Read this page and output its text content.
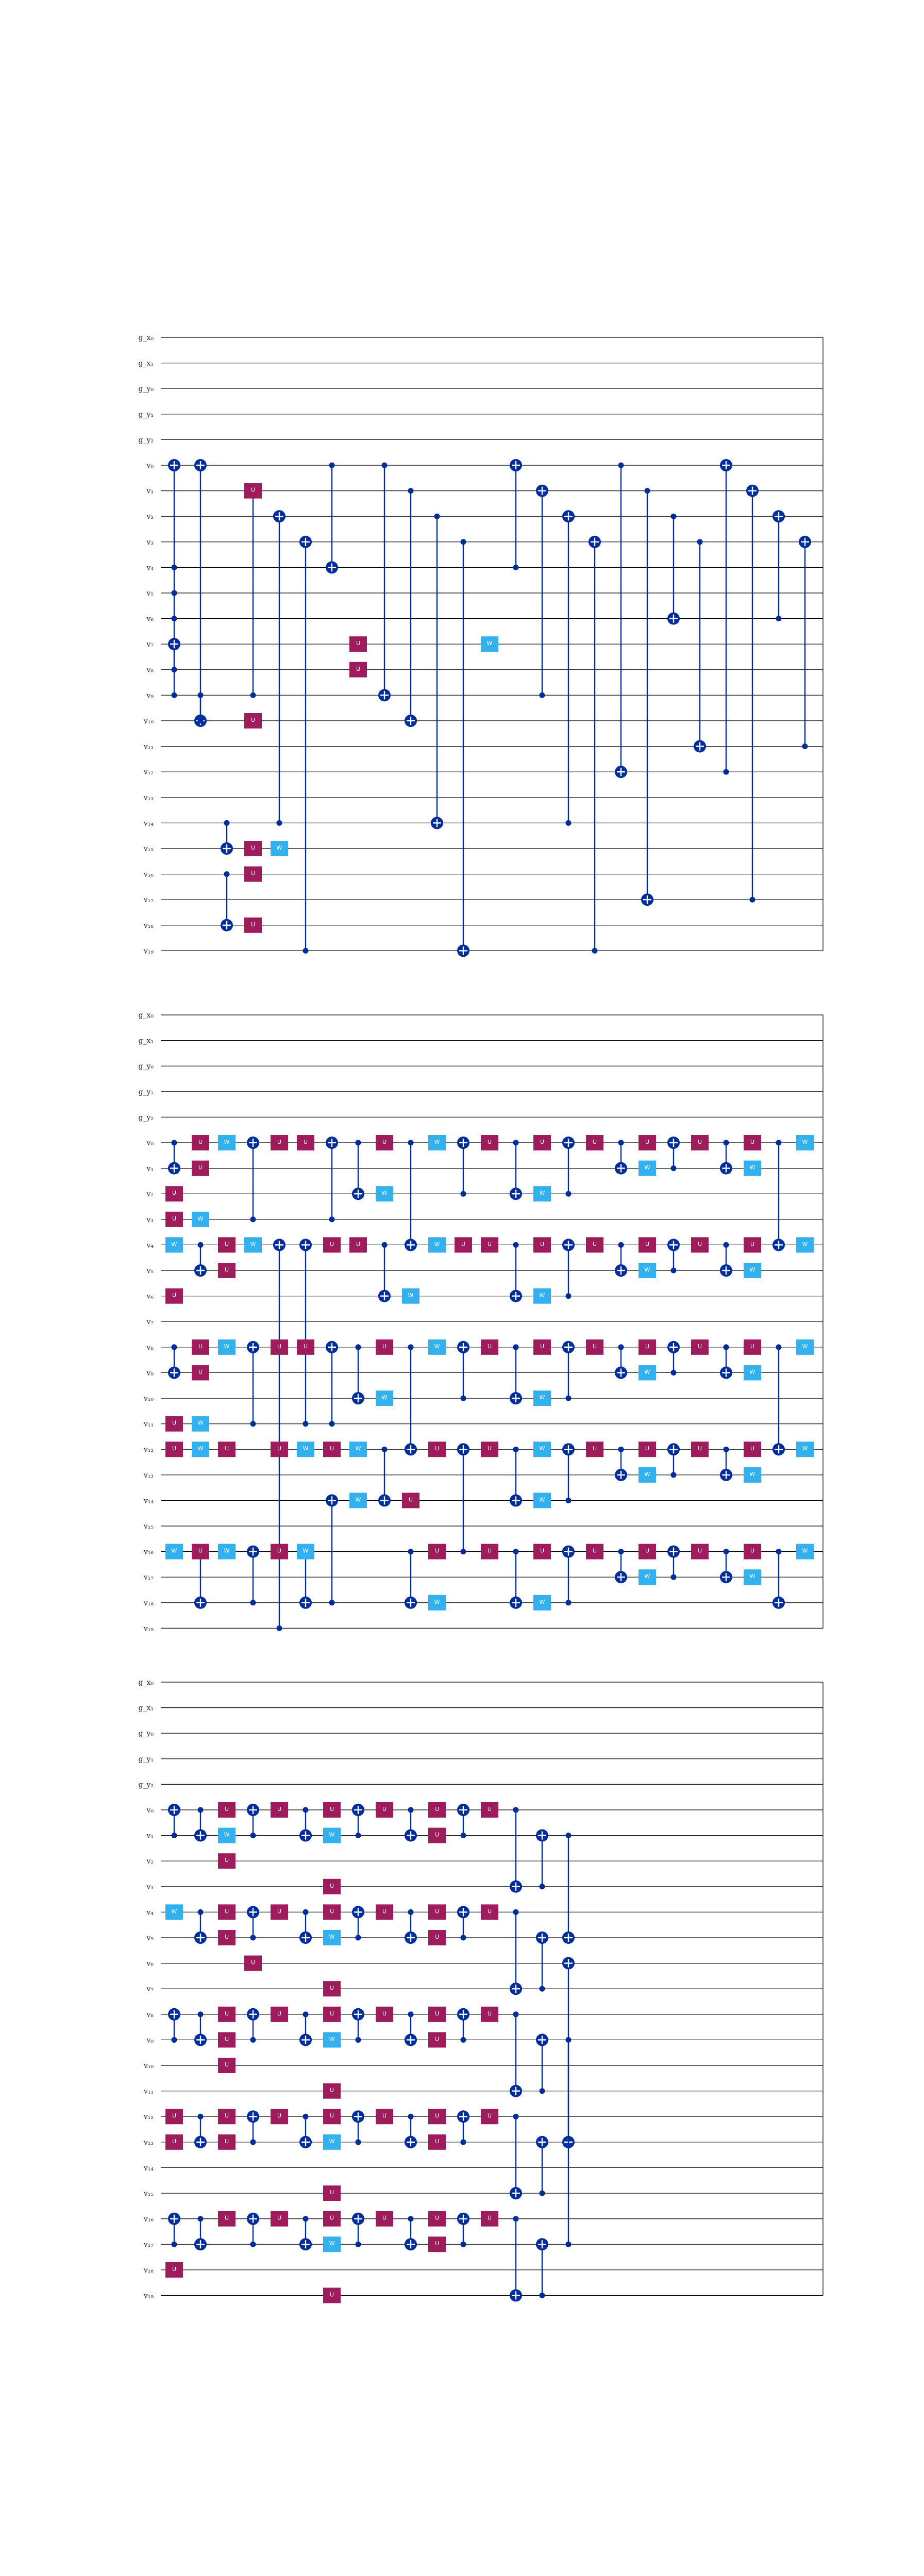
g_x₀
g_x₁
g_y₀
g_y₁
g_y₂
v₀
v₁
v₂
v₃
v₄
v₅
v₆
v₇
v₈
v₉
v₁₀
v₁₁
v₁₂
v₁₃
v₁₄
v₁₅
v₁₆
v₁₇
v₁₈
v₁₉
U
U
U
U
U
W
U
U
W
g_x₀
g_x₁
g_y₀
g_y₁
g_y₂
v₀
v₁
v₂
v₃
v₄
v₅
v₆
v₇
v₈
v₉
v₁₀
v₁₁
v₁₂
v₁₃
v₁₄
v₁₅
v₁₆
v₁₇
v₁₈
v₁₉
U
U
W
U
U
U
W
U
U
W
U
U
W
W
U
W
U
U
W
U
W
W
U
U
U
U
U
U
W
W
U
U
U
W
W
U
U
W
W
W
U
W
W
W
U
U
W
U
U
U
U
U
U
U
U
U
W
U
W
W
W
W
W
U
U
U
U
U
U
W
U
W
U
W
U
W
U
W
U
U
U
U
U
U
U
U
U
U
W
W
W
W
W
W
W
W
W
W
g_x₀
g_x₁
g_y₀
g_y₁
g_y₂
v₀
v₁
v₂
v₃
v₄
v₅
v₆
v₇
v₈
v₉
v₁₀
v₁₁
v₁₂
v₁₃
v₁₄
v₁₅
v₁₆
v₁₇
v₁₈
v₁₉
W
U
U
U
U
W
U
U
U
U
U
U
U
U
U
U
U
U
U
U
U
U
W
U
W
U
W
U
W
U
W
U
U
U
U
U
U
U
U
U
U
U
U
U
U
U
U
U
U
U
U
U
U
U
U
U
